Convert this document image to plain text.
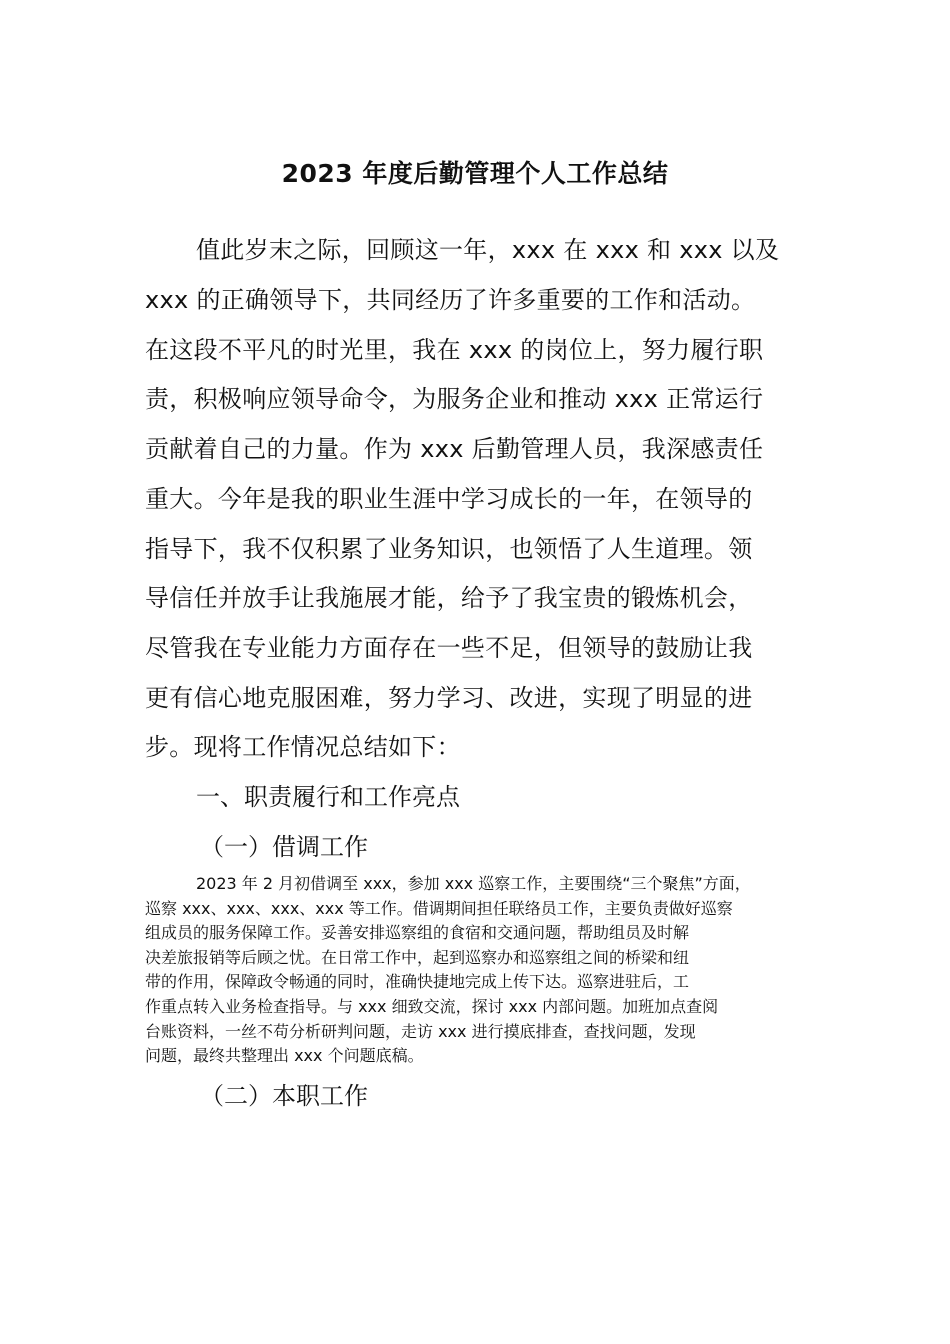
2023 年度后勤管理个人工作总结
值此岁末之际，回顾这一年，xxx 在 xxx 和 xxx 以及
xxx 的正确领导下，共同经历了许多重要的工作和活动。
在这段不平凡的时光里，我在 xxx 的岗位上，努力履行职
责，积极响应领导命令，为服务企业和推动 xxx 正常运行
贡献着自己的力量。作为 xxx 后勤管理人员，我深感责任
重大。今年是我的职业生涯中学习成长的一年，在领导的
指导下，我不仅积累了业务知识，也领悟了人生道理。领
导信任并放手让我施展才能，给予了我宝贵的锻炼机会，
尽管我在专业能力方面存在一些不足，但领导的鼓励让我
更有信心地克服困难，努力学习、改进，实现了明显的进
步。现将工作情况总结如下：
一、职责履行和工作亮点
（一）借调工作
2023 年 2 月初借调至 xxx，参加 xxx 巡察工作，主要围绕“三个聚焦”方面，
巡察 xxx、xxx、xxx、xxx 等工作。借调期间担任联络员工作，主要负责做好巡察
组成员的服务保障工作。妥善安排巡察组的食宿和交通问题，帮助组员及时解
决差旅报销等后顾之忧。在日常工作中，起到巡察办和巡察组之间的桥梁和纽
带的作用，保障政令畅通的同时，准确快捷地完成上传下达。巡察进驻后，工
作重点转入业务检查指导。与 xxx 细致交流，探讨 xxx 内部问题。加班加点查阅
台账资料，一丝不苟分析研判问题，走访 xxx 进行摸底排查，查找问题，发现
问题，最终共整理出 xxx 个问题底稿。
（二）本职工作
